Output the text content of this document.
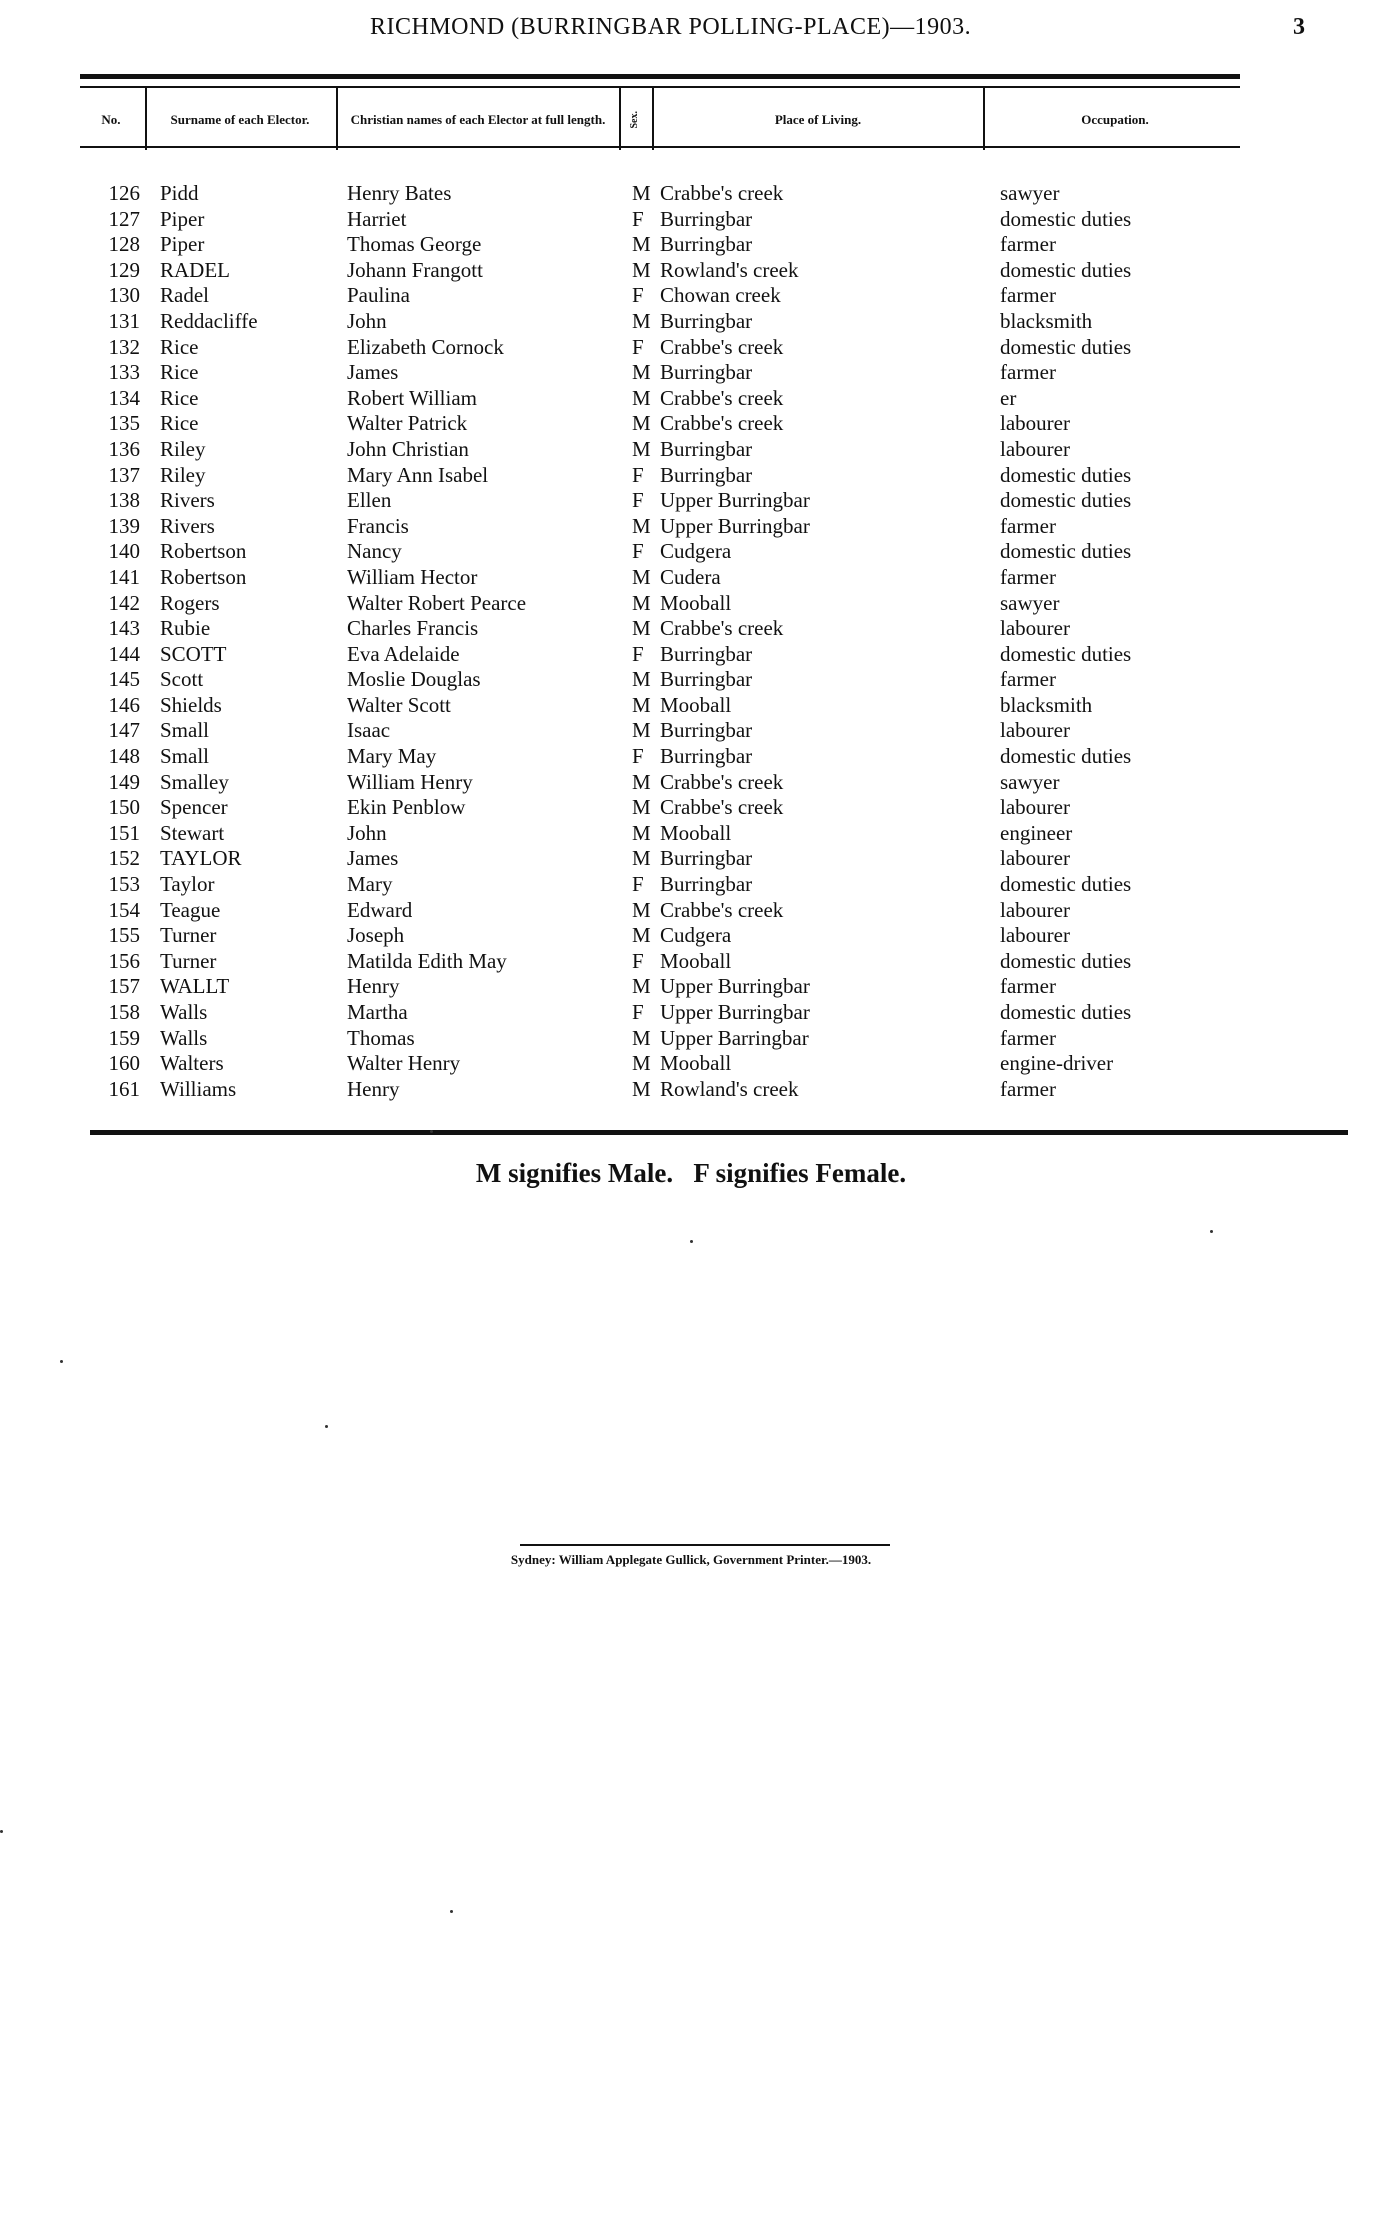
RICHMOND (BURRINGBAR POLLING-PLACE)—1903.	3
No.	Surname of each Elector.	Christian names of each Elector at full length.	Sex.	Place of Living.	Occupation.
126 Pidd	Henry Bates	M Crabbe's creek	sawyer
127 Piper	Harriet	F Burringbar	domestic duties
128 Piper	Thomas George	M Burringbar	farmer
129 RADEL	Johann Frangott	M Rowland's creek	domestic duties
130 Radel	Paulina	F Chowan creek	farmer
131 Reddacliffe	John	M Burringbar	blacksmith
132 Rice	Elizabeth Cornock	F Crabbe's creek	domestic duties
133 Rice	James	M Burringbar	farmer
134 Rice	Robert William	M Crabbe's creek	er
135 Rice	Walter Patrick	M Crabbe's creek	labourer
136 Riley	John Christian	M Burringbar	labourer
137 Riley	Mary Ann Isabel	F Burringbar	domestic duties
138 Rivers	Ellen	F Upper Burringbar	domestic duties
139 Rivers	Francis	M Upper Burringbar	farmer
140 Robertson	Nancy	F Cudgera	domestic duties
141 Robertson	William Hector	M Cudera	farmer
142 Rogers	Walter Robert Pearce	M Mooball	sawyer
143 Rubie	Charles Francis	M Crabbe's creek	labourer
144 SCOTT	Eva Adelaide	F Burringbar	domestic duties
145 Scott	Moslie Douglas	M Burringbar	farmer
146 Shields	Walter Scott	M Mooball	blacksmith
147 Small	Isaac	M Burringbar	labourer
148 Small	Mary May	F Burringbar	domestic duties
149 Smalley	William Henry	M Crabbe's creek	sawyer
150 Spencer	Ekin Penblow	M Crabbe's creek	labourer
151 Stewart	John	M Mooball	engineer
152 TAYLOR	James	M Burringbar	labourer
153 Taylor	Mary	F Burringbar	domestic duties
154 Teague	Edward	M Crabbe's creek	labourer
155 Turner	Joseph	M Cudgera	labourer
156 Turner	Matilda Edith May	F Mooball	domestic duties
157 WALLT	Henry	M Upper Burringbar	farmer
158 Walls	Martha	F Upper Burringbar	domestic duties
159 Walls	Thomas	M Upper Barringbar	farmer
160 Walters	Walter Henry	M Mooball	engine-driver
161 Williams	Henry	M Rowland's creek	farmer
M signifies Male.   F signifies Female.
Sydney: William Applegate Gullick, Government Printer.—1903.
